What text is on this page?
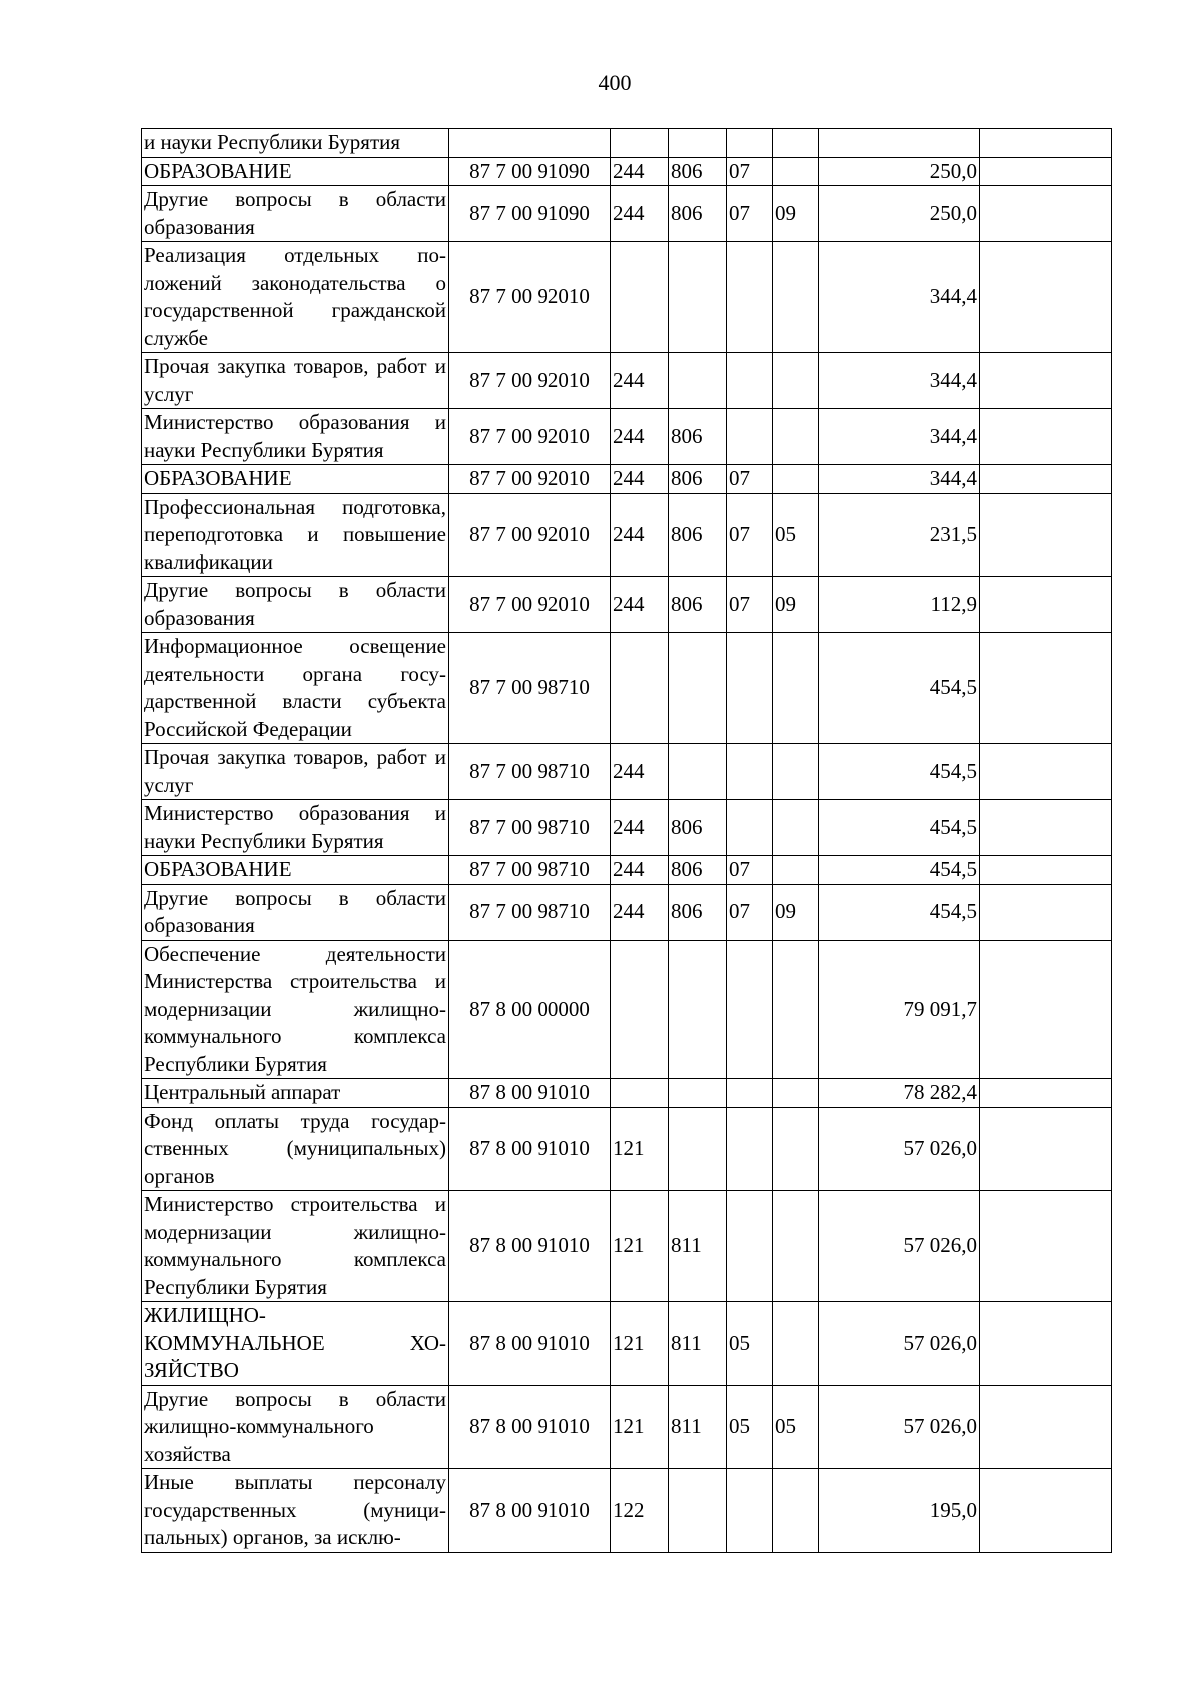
400
и науки Республики Бурятия							
ОБРАЗОВАНИЕ	87 7 00 91090	244	806	07		250,0	
Другие вопросы в области образования	87 7 00 91090	244	806	07	09	250,0	
Реализация отдельных положений законодательства о государственной гражданской службе	87 7 00 92010					344,4	
Прочая закупка товаров, работ и услуг	87 7 00 92010	244				344,4	
Министерство образования и науки Республики Бурятия	87 7 00 92010	244	806			344,4	
ОБРАЗОВАНИЕ	87 7 00 92010	244	806	07		344,4	
Профессиональная подготовка, переподготовка и повышение квалификации	87 7 00 92010	244	806	07	05	231,5	
Другие вопросы в области образования	87 7 00 92010	244	806	07	09	112,9	
Информационное освещение деятельности органа государственной власти субъекта Российской Федерации	87 7 00 98710					454,5	
Прочая закупка товаров, работ и услуг	87 7 00 98710	244				454,5	
Министерство образования и науки Республики Бурятия	87 7 00 98710	244	806			454,5	
ОБРАЗОВАНИЕ	87 7 00 98710	244	806	07		454,5	
Другие вопросы в области образования	87 7 00 98710	244	806	07	09	454,5	
Обеспечение деятельности Министерства строительства и модернизации жилищно-коммунального комплекса Республики Бурятия	87 8 00 00000					79 091,7	
Центральный аппарат	87 8 00 91010					78 282,4	
Фонд оплаты труда государственных (муниципальных) органов	87 8 00 91010	121				57 026,0	
Министерство строительства и модернизации жилищно-коммунального комплекса Республики Бурятия	87 8 00 91010	121	811			57 026,0	
ЖИЛИЩНО-КОММУНАЛЬНОЕ ХОЗЯЙСТВО	87 8 00 91010	121	811	05		57 026,0	
Другие вопросы в области жилищно-коммунального хозяйства	87 8 00 91010	121	811	05	05	57 026,0	
Иные выплаты персоналу государственных (муниципальных) органов, за исклю-	87 8 00 91010	122				195,0	
